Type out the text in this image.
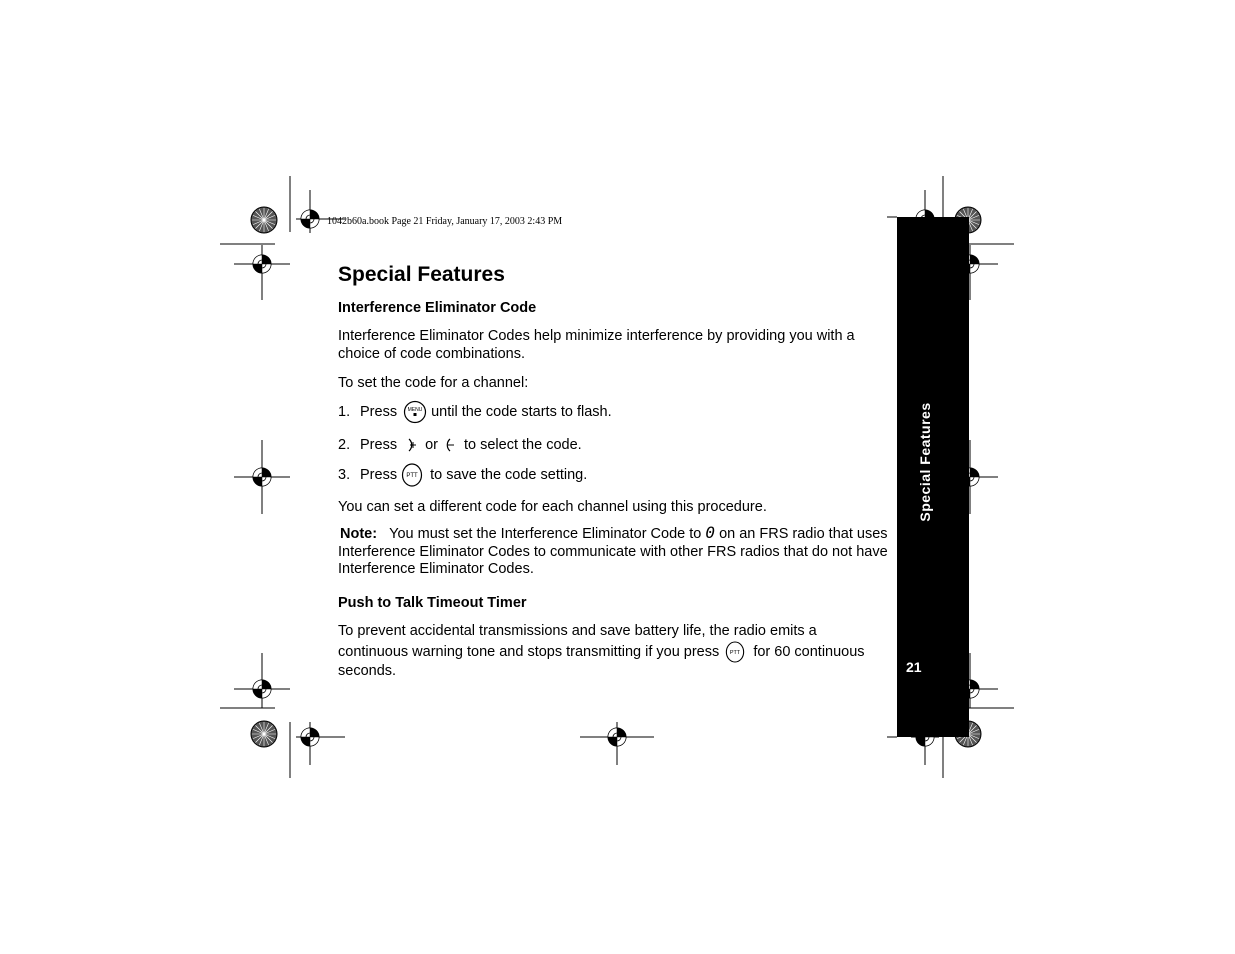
1042b60a.book Page 21 Friday, January 17, 2003 2:43 PM
Special Features
21
Special Features
Interference Eliminator Code
Interference Eliminator Codes help minimize interference by providing you with a choice of code combinations.
To set the code for a channel:
1. Press MENU until the code starts to flash.
2. Press or to select the code.
3. Press PTT to save the code setting.
You can set a different code for each channel using this procedure.
Note: You must set the Interference Eliminator Code to 0 on an FRS radio that uses Interference Eliminator Codes to communicate with other FRS radios that do not have Interference Eliminator Codes.
Push to Talk Timeout Timer
To prevent accidental transmissions and save battery life, the radio emits a continuous warning tone and stops transmitting if you press PTT for 60 continuous seconds.
